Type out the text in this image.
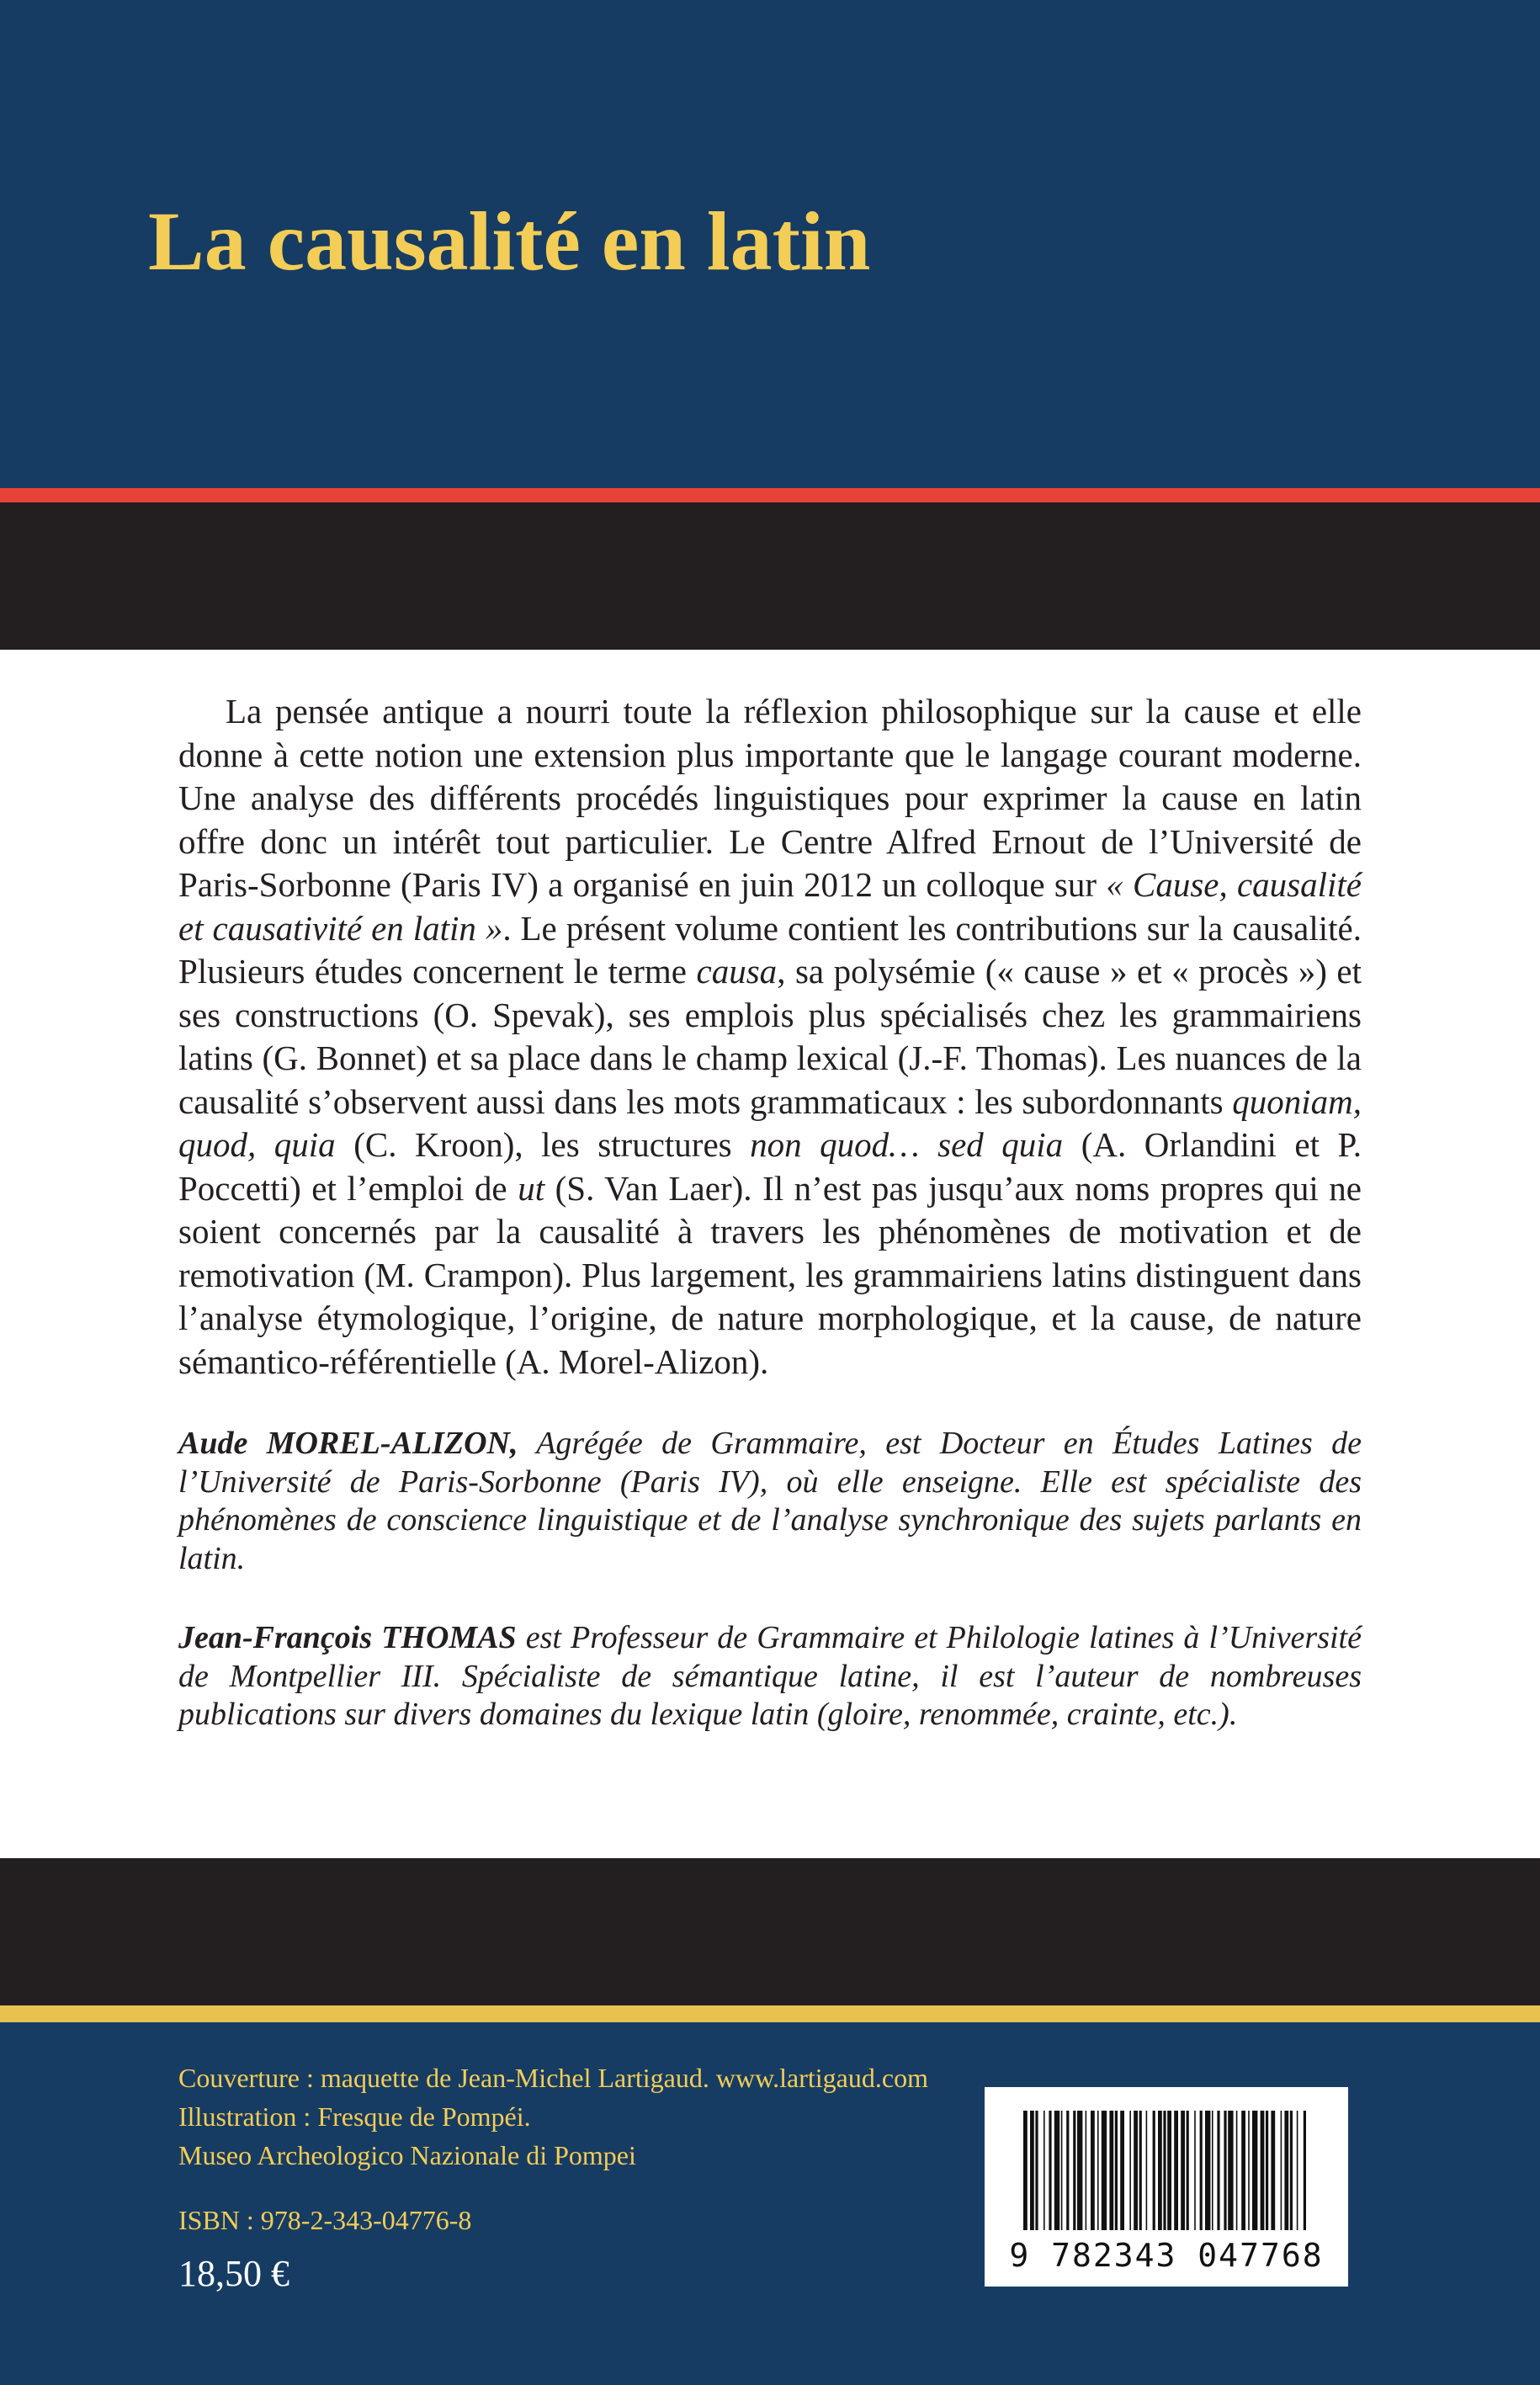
La causalité en latin

La pensée antique a nourri toute la réflexion philosophique sur la cause et elle donne à cette notion une extension plus importante que le langage courant moderne. Une analyse des différents procédés linguistiques pour exprimer la cause en latin offre donc un intérêt tout particulier. Le Centre Alfred Ernout de l’Université de Paris-Sorbonne (Paris IV) a organisé en juin 2012 un colloque sur « Cause, causalité et causativité en latin ». Le présent volume contient les contributions sur la causalité. Plusieurs études concernent le terme causa, sa polysémie (« cause » et « procès ») et ses constructions (O. Spevak), ses emplois plus spécialisés chez les grammairiens latins (G. Bonnet) et sa place dans le champ lexical (J.-F. Thomas). Les nuances de la causalité s’observent aussi dans les mots grammaticaux : les subordonnants quoniam, quod, quia (C. Kroon), les structures non quod… sed quia (A. Orlandini et P. Poccetti) et l’emploi de ut (S. Van Laer). Il n’est pas jusqu’aux noms propres qui ne soient concernés par la causalité à travers les phénomènes de motivation et de remotivation (M. Crampon). Plus largement, les grammairiens latins distinguent dans l’analyse étymologique, l’origine, de nature morphologique, et la cause, de nature sémantico-référentielle (A. Morel-Alizon).

Aude MOREL-ALIZON, Agrégée de Grammaire, est Docteur en Études Latines de l’Université de Paris-Sorbonne (Paris IV), où elle enseigne. Elle est spécialiste des phénomènes de conscience linguistique et de l’analyse synchronique des sujets parlants en latin.

Jean-François THOMAS est Professeur de Grammaire et Philologie latines à l’Université de Montpellier III. Spécialiste de sémantique latine, il est l’auteur de nombreuses publications sur divers domaines du lexique latin (gloire, renommée, crainte, etc.).

Couverture : maquette de Jean-Michel Lartigaud. www.lartigaud.com
Illustration : Fresque de Pompéi.
Museo Archeologico Nazionale di Pompei
ISBN : 978-2-343-04776-8
18,50 €	9 782343 047768
